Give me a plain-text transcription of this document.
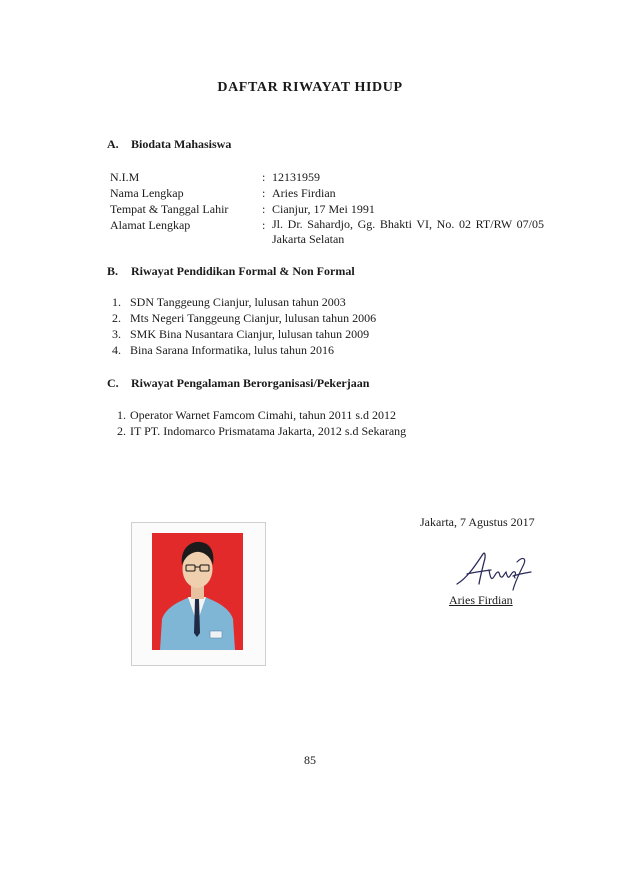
DAFTAR RIWAYAT HIDUP
A. Biodata Mahasiswa
N.I.M	: 12131959
Nama Lengkap	: Aries Firdian
Tempat & Tanggal Lahir	: Cianjur, 17 Mei 1991
Alamat Lengkap	: Jl. Dr. Sahardjo, Gg. Bhakti VI, No. 02 RT/RW 07/05 Jakarta Selatan
B. Riwayat Pendidikan Formal & Non Formal
1. SDN Tanggeung Cianjur, lulusan tahun 2003
2. Mts Negeri Tanggeung Cianjur, lulusan tahun 2006
3. SMK Bina Nusantara Cianjur, lulusan tahun 2009
4. Bina Sarana Informatika, lulus tahun 2016
C. Riwayat Pengalaman Berorganisasi/Pekerjaan
1. Operator Warnet Famcom Cimahi, tahun 2011 s.d 2012
2. IT PT. Indomarco Prismatama Jakarta, 2012 s.d Sekarang
Jakarta, 7 Agustus 2017
Aries Firdian
85
